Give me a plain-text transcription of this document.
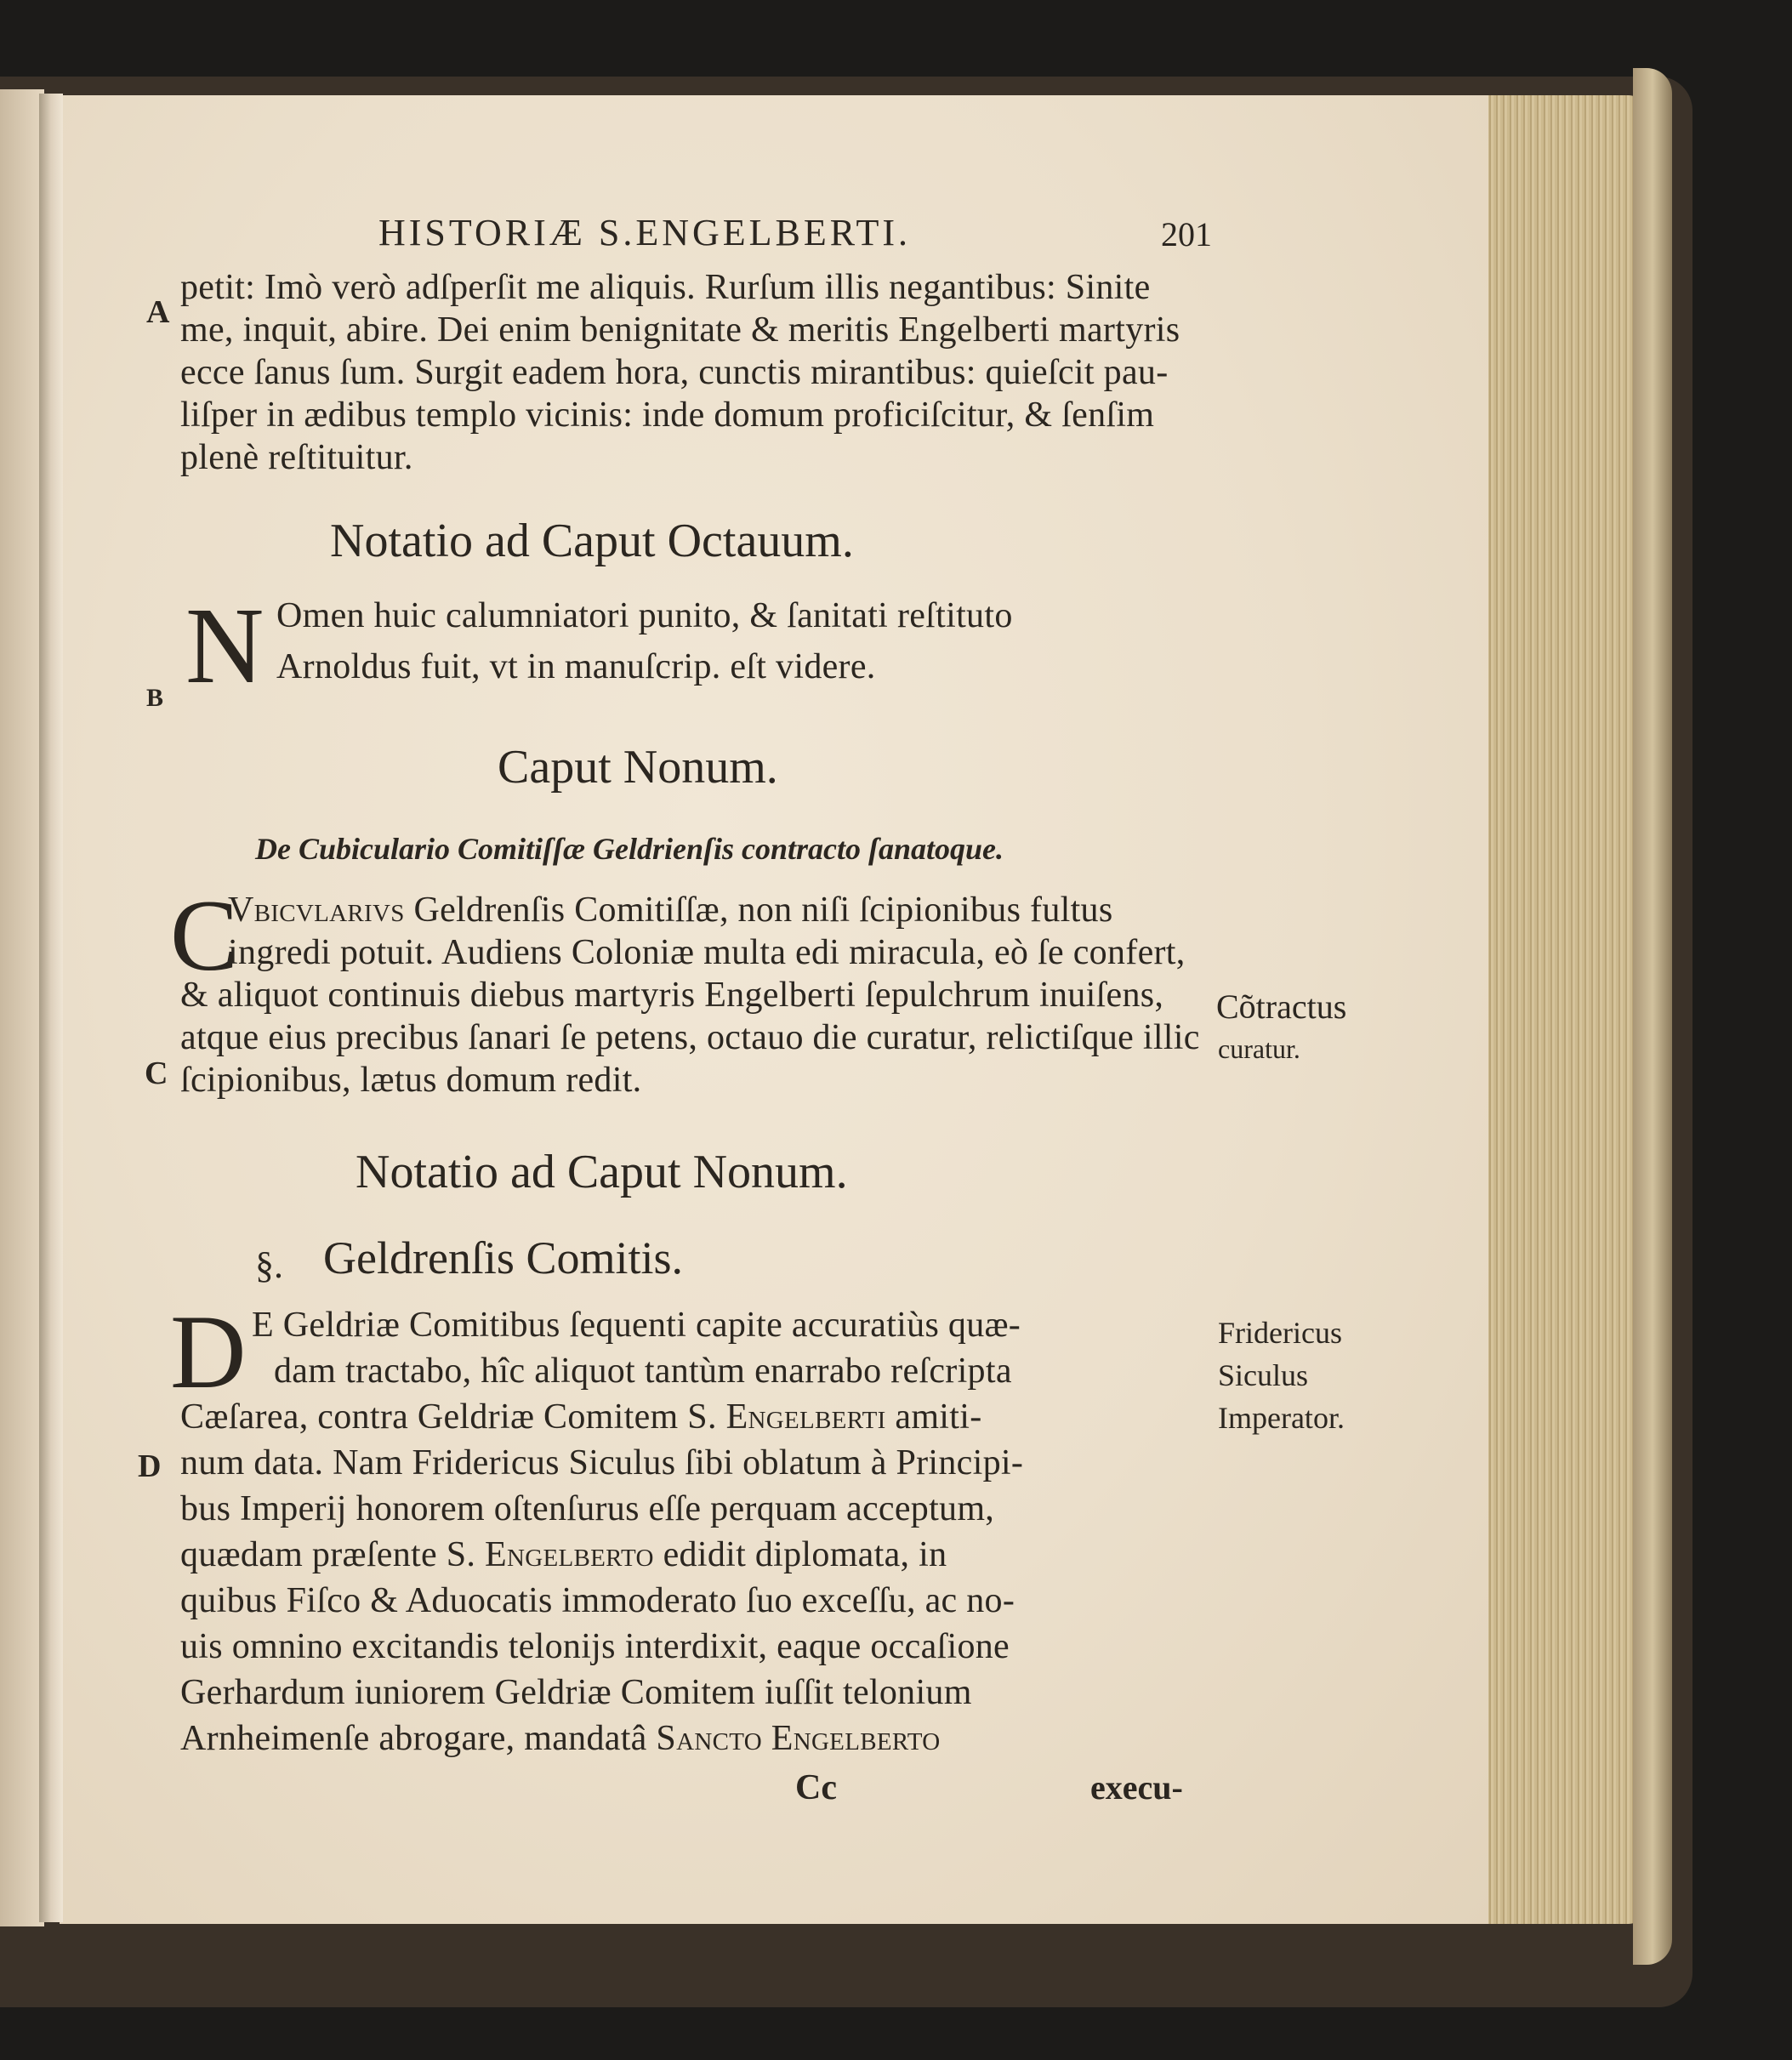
HISTORIÆ S.ENGELBERTI.	201
A
petit: Imò verò adſperſit me aliquis. Rurſum illis negantibus: Sinite
me, inquit, abire. Dei enim benignitate & meritis Engelberti martyris
ecce ſanus ſum. Surgit eadem hora, cunctis mirantibus: quieſcit pau-
liſper in ædibus templo vicinis: inde domum proficiſcitur, & ſenſim
plenè reſtituitur.
Notatio ad Caput Octauum.
N Omen huic calumniatori punito, & ſanitati reſtituto
Arnoldus fuit, vt in manuſcrip. eſt videre.
B
Caput Nonum.
De Cubiculario Comitiſſæ Geldrienſis contracto ſanatoque.
C
Vbicvlarivs Geldrenſis Comitiſſæ, non niſi ſcipionibus fultus
ingredi potuit. Audiens Coloniæ multa edi miracula, eò ſe confert,
& aliquot continuis diebus martyris Engelberti ſepulchrum inuiſens,
atque eius precibus ſanari ſe petens, octauo die curatur, relictiſque illic
ſcipionibus, lætus domum redit.
C
Cõtractus
curatur.
Notatio ad Caput Nonum.
§. Geldrenſis Comitis.
D E Geldriæ Comitibus ſequenti capite accuratiùs quæ-
dam tractabo, hîc aliquot tantùm enarrabo reſcripta
Cæſarea, contra Geldriæ Comitem S. Engelberti amiti-
D num data. Nam Fridericus Siculus ſibi oblatum à Principi-
bus Imperij honorem oſtenſurus eſſe perquam acceptum,
quædam præſente S. Engelberto edidit diplomata, in
quibus Fiſco & Aduocatis immoderato ſuo exceſſu, ac no-
uis omnino excitandis telonijs interdixit, eaque occaſione
Gerhardum iuniorem Geldriæ Comitem iuſſit telonium
Arnheimenſe abrogare, mandatâ Sancto Engelberto
Fridericus
Siculus
Imperator.
Cc	execu-
